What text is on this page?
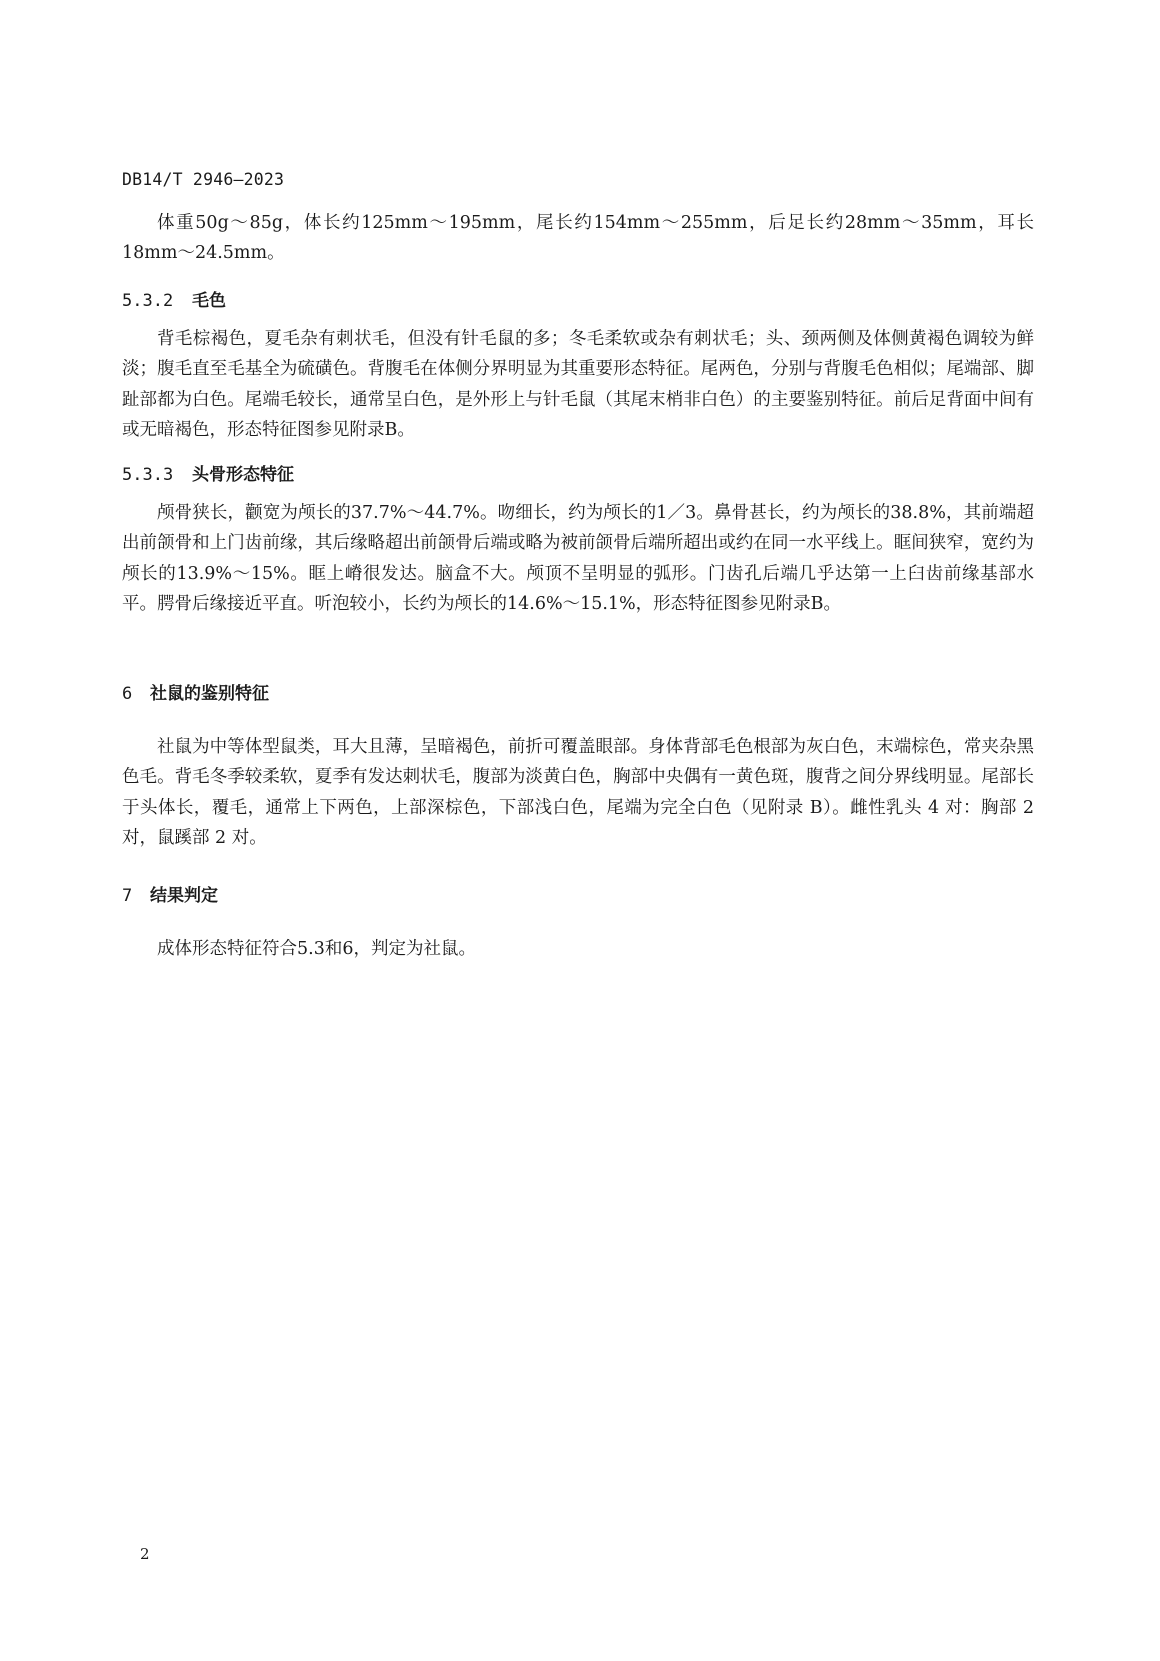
DB14/T 2946—2023

体重50g～85g，体长约125mm～195mm，尾长约154mm～255mm，后足长约28mm～35mm，耳长18mm～24.5mm。

5.3.2 毛色

背毛棕褐色，夏毛杂有刺状毛，但没有针毛鼠的多；冬毛柔软或杂有刺状毛；头、颈两侧及体侧黄褐色调较为鲜淡；腹毛直至毛基全为硫磺色。背腹毛在体侧分界明显为其重要形态特征。尾两色，分别与背腹毛色相似；尾端部、脚趾部都为白色。尾端毛较长，通常呈白色，是外形上与针毛鼠（其尾末梢非白色）的主要鉴别特征。前后足背面中间有或无暗褐色，形态特征图参见附录B。

5.3.3 头骨形态特征

颅骨狭长，颧宽为颅长的37.7%～44.7%。吻细长，约为颅长的1／3。鼻骨甚长，约为颅长的38.8%，其前端超出前颌骨和上门齿前缘，其后缘略超出前颌骨后端或略为被前颌骨后端所超出或约在同一水平线上。眶间狭窄，宽约为颅长的13.9%～15%。眶上嵴很发达。脑盒不大。颅顶不呈明显的弧形。门齿孔后端几乎达第一上臼齿前缘基部水平。腭骨后缘接近平直。听泡较小，长约为颅长的14.6%～15.1%，形态特征图参见附录B。

6 社鼠的鉴别特征

社鼠为中等体型鼠类，耳大且薄，呈暗褐色，前折可覆盖眼部。身体背部毛色根部为灰白色，末端棕色，常夹杂黑色毛。背毛冬季较柔软，夏季有发达刺状毛，腹部为淡黄白色，胸部中央偶有一黄色斑，腹背之间分界线明显。尾部长于头体长，覆毛，通常上下两色，上部深棕色，下部浅白色，尾端为完全白色（见附录 B）。雌性乳头 4 对：胸部 2 对，鼠蹊部 2 对。

7 结果判定

成体形态特征符合5.3和6，判定为社鼠。

2
